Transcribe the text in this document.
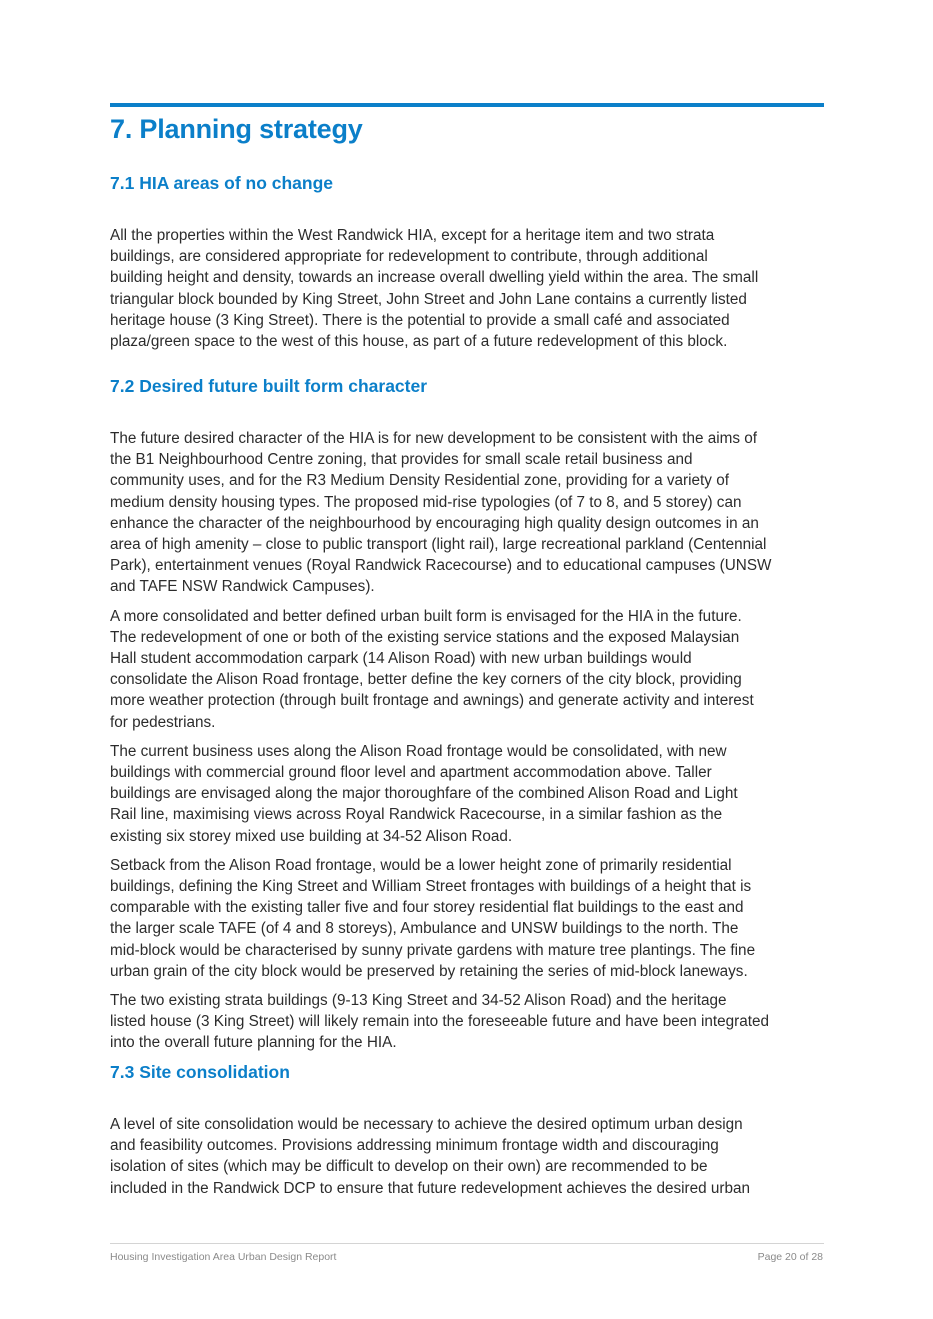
7. Planning strategy
7.1 HIA areas of no change

All the properties within the West Randwick HIA, except for a heritage item and two strata
buildings, are considered appropriate for redevelopment to contribute, through additional
building height and density, towards an increase overall dwelling yield within the area. The small
triangular block bounded by King Street, John Street and John Lane contains a currently listed
heritage house (3 King Street). There is the potential to provide a small café and associated
plaza/green space to the west of this house, as part of a future redevelopment of this block.

7.2 Desired future built form character

The future desired character of the HIA is for new development to be consistent with the aims of
the B1 Neighbourhood Centre zoning, that provides for small scale retail business and
community uses, and for the R3 Medium Density Residential zone, providing for a variety of
medium density housing types. The proposed mid-rise typologies (of 7 to 8, and 5 storey) can
enhance the character of the neighbourhood by encouraging high quality design outcomes in an
area of high amenity – close to public transport (light rail), large recreational parkland (Centennial
Park), entertainment venues (Royal Randwick Racecourse) and to educational campuses (UNSW
and TAFE NSW Randwick Campuses).

A more consolidated and better defined urban built form is envisaged for the HIA in the future.
The redevelopment of one or both of the existing service stations and the exposed Malaysian
Hall student accommodation carpark (14 Alison Road) with new urban buildings would
consolidate the Alison Road frontage, better define the key corners of the city block, providing
more weather protection (through built frontage and awnings) and generate activity and interest
for pedestrians.

The current business uses along the Alison Road frontage would be consolidated, with new
buildings with commercial ground floor level and apartment accommodation above. Taller
buildings are envisaged along the major thoroughfare of the combined Alison Road and Light
Rail line, maximising views across Royal Randwick Racecourse, in a similar fashion as the
existing six storey mixed use building at 34-52 Alison Road.

Setback from the Alison Road frontage, would be a lower height zone of primarily residential
buildings, defining the King Street and William Street frontages with buildings of a height that is
comparable with the existing taller five and four storey residential flat buildings to the east and
the larger scale TAFE (of 4 and 8 storeys), Ambulance and UNSW buildings to the north. The
mid-block would be characterised by sunny private gardens with mature tree plantings. The fine
urban grain of the city block would be preserved by retaining the series of mid-block laneways.

The two existing strata buildings (9-13 King Street and 34-52 Alison Road) and the heritage
listed house (3 King Street) will likely remain into the foreseeable future and have been integrated
into the overall future planning for the HIA.

7.3 Site consolidation

A level of site consolidation would be necessary to achieve the desired optimum urban design
and feasibility outcomes. Provisions addressing minimum frontage width and discouraging
isolation of sites (which may be difficult to develop on their own) are recommended to be
included in the Randwick DCP to ensure that future redevelopment achieves the desired urban

Housing Investigation Area Urban Design Report	Page 20 of 28
